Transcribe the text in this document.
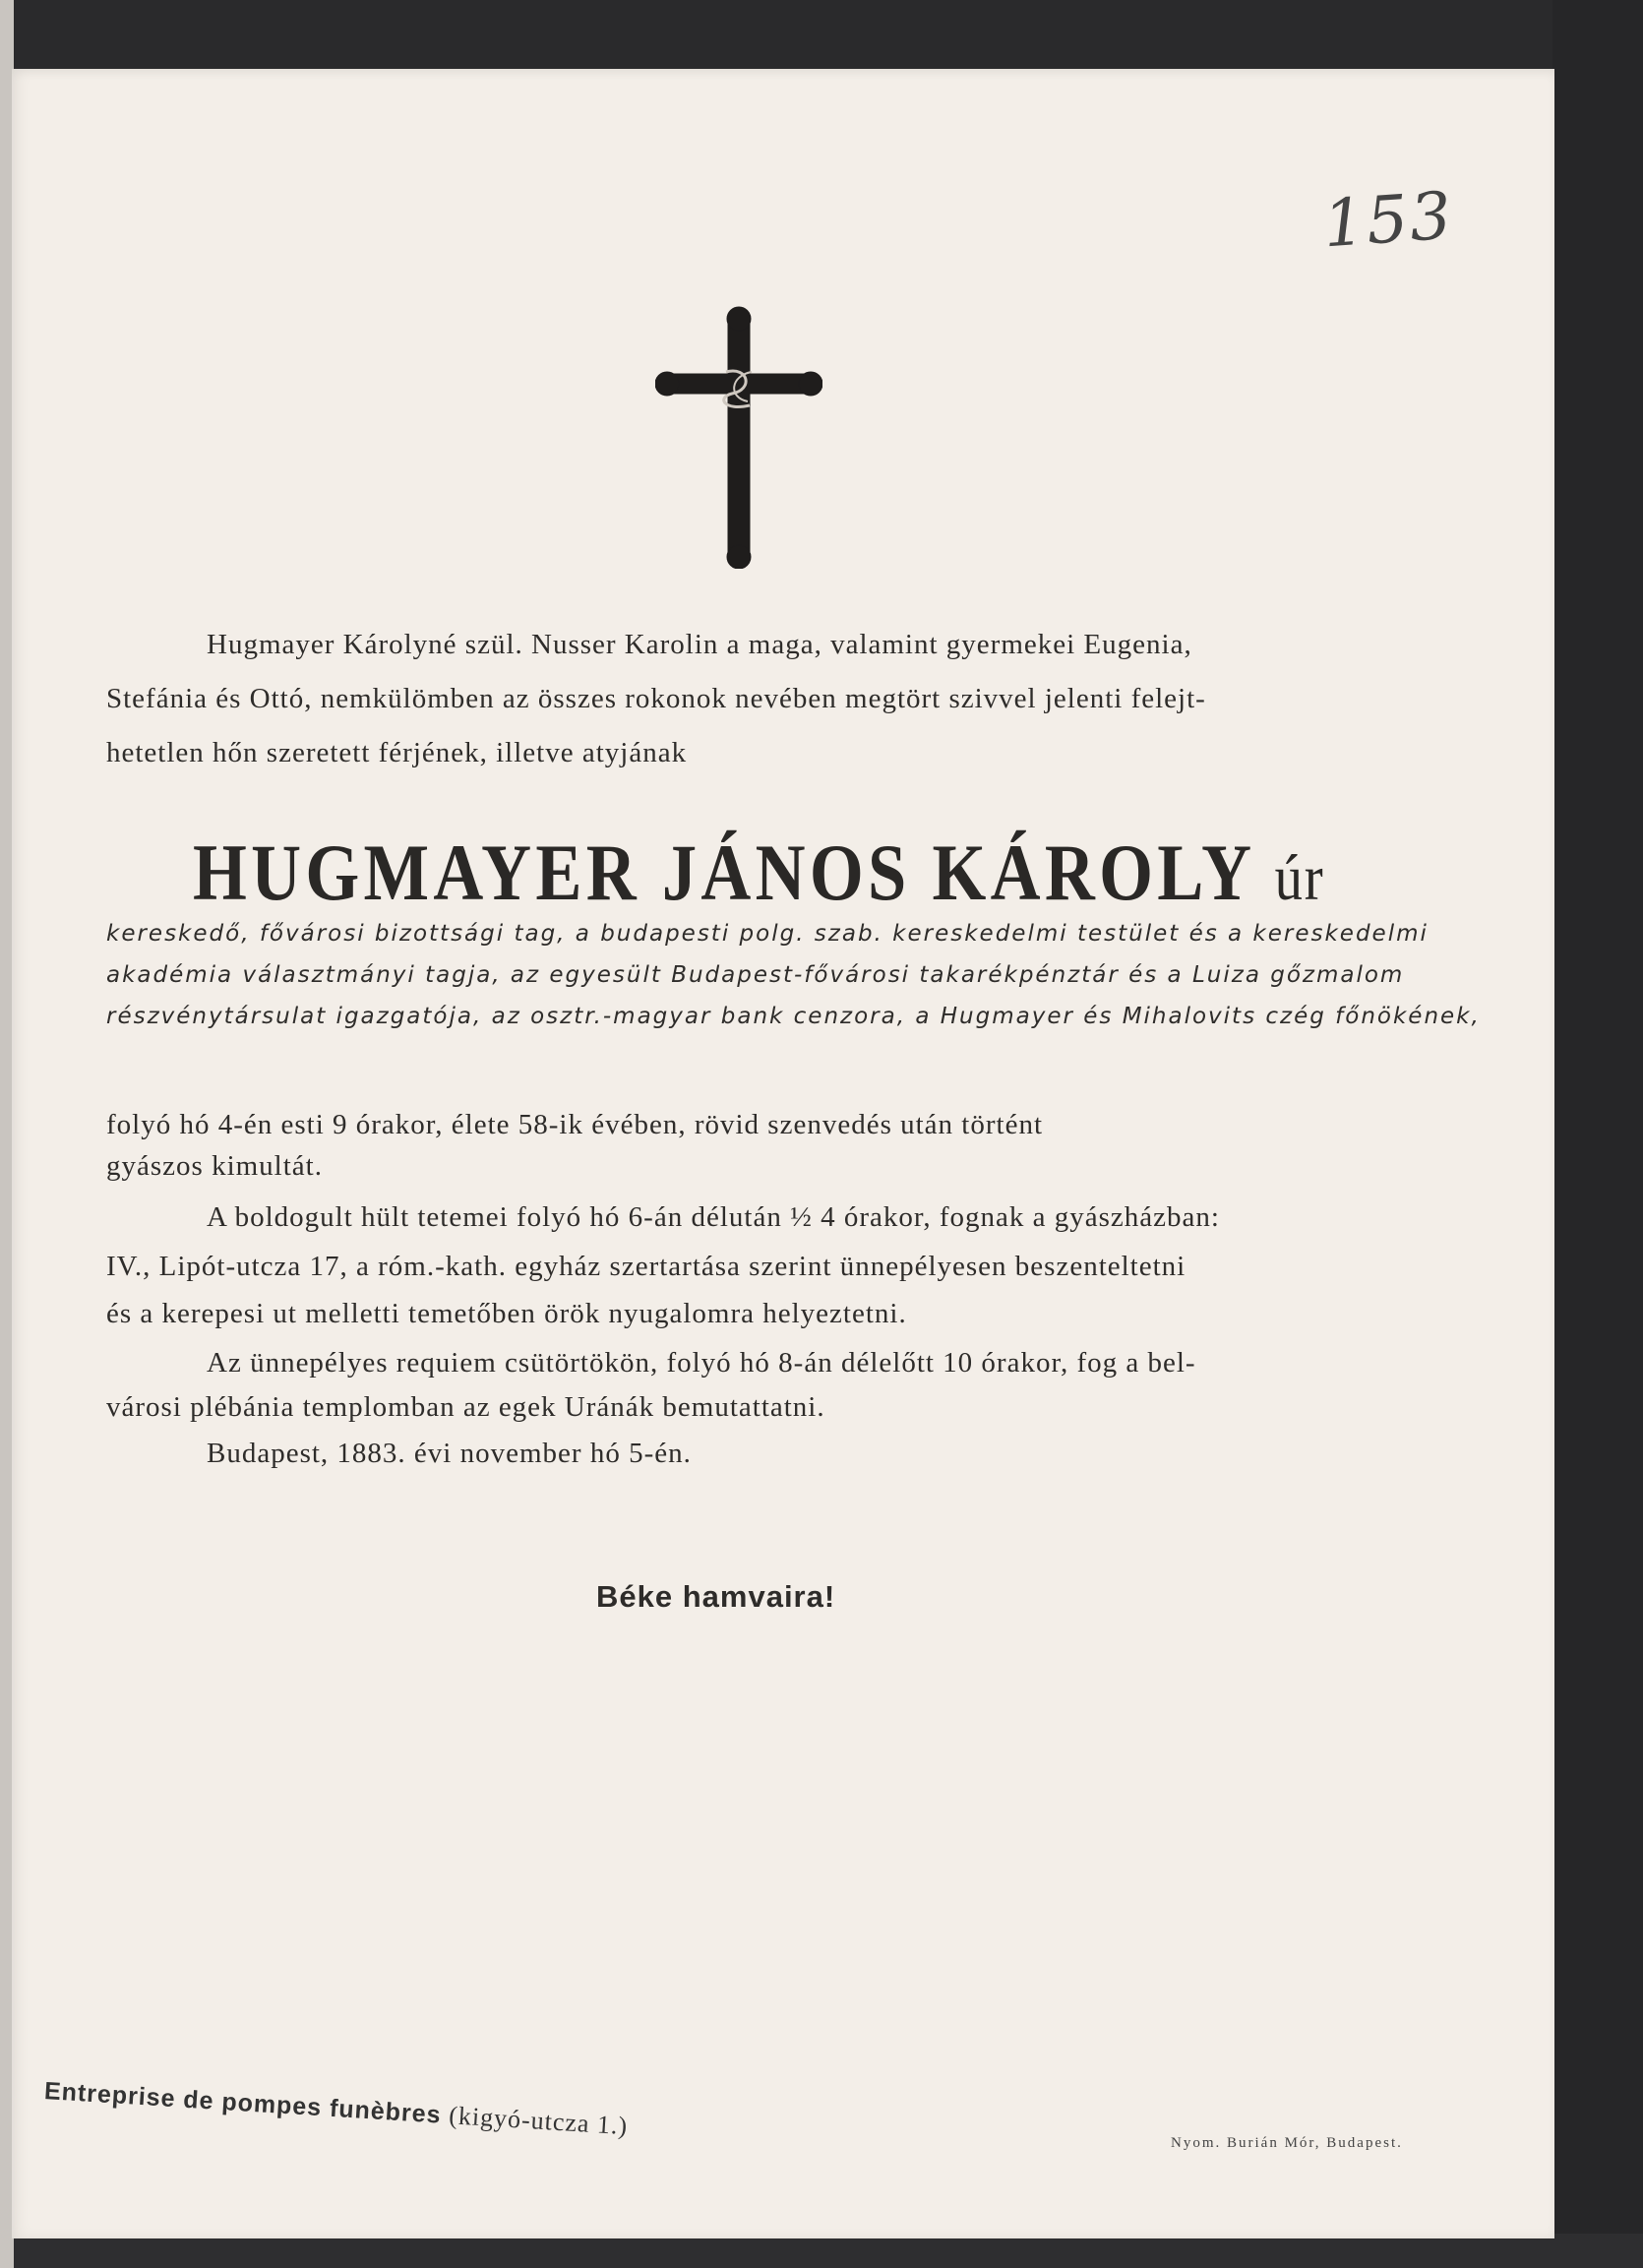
153
Hugmayer Károlyné szül. Nusser Karolin a maga, valamint gyermekei Eugenia,
Stefánia és Ottó, nemkülömben az összes rokonok nevében megtört szivvel jelenti felejt-
hetetlen hőn szeretett férjének, illetve atyjának
HUGMAYER JÁNOS KÁROLY úr
kereskedő, fővárosi bizottsági tag, a budapesti polg. szab. kereskedelmi testület és a kereskedelmi
akadémia választmányi tagja, az egyesült Budapest-fővárosi takarékpénztár és a Luiza gőzmalom
részvénytársulat igazgatója, az osztr.-magyar bank cenzora, a Hugmayer és Mihalovits czég főnökének,
folyó hó 4-én esti 9 órakor, élete 58-ik évében, rövid szenvedés után történt
gyászos kimultát.
A boldogult hült tetemei folyó hó 6-án délután ½ 4 órakor, fognak a gyászházban:
IV., Lipót-utcza 17, a róm.-kath. egyház szertartása szerint ünnepélyesen beszenteltetni
és a kerepesi ut melletti temetőben örök nyugalomra helyeztetni.
Az ünnepélyes requiem csütörtökön, folyó hó 8-án délelőtt 10 órakor, fog a bel-
városi plébánia templomban az egek Uránák bemutattatni.
Budapest, 1883. évi november hó 5-én.
Béke hamvaira!
Entreprise de pompes funèbres (kigyó-utcza 1.)
Nyom. Burián Mór, Budapest.
